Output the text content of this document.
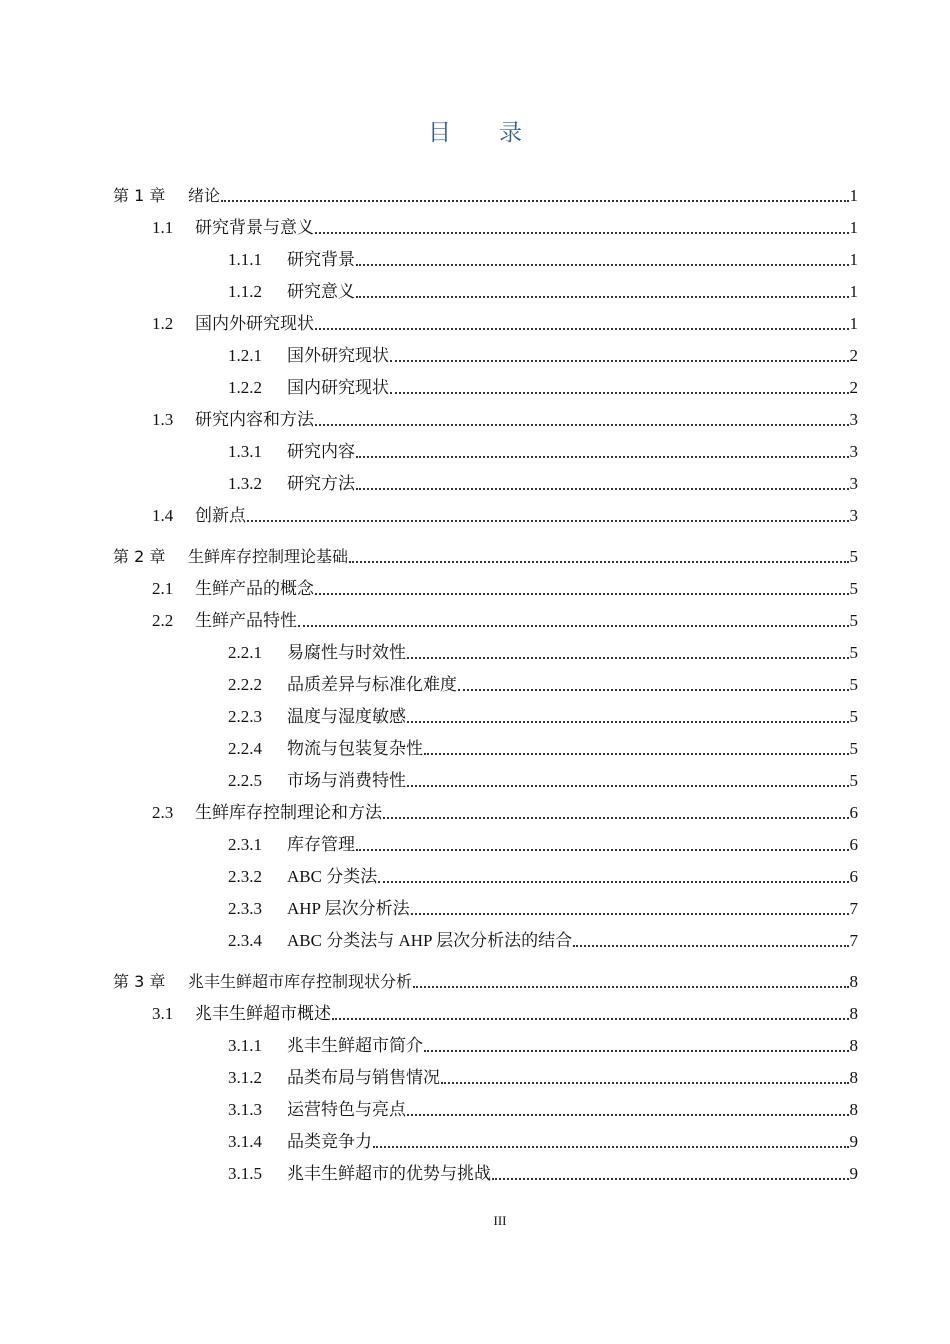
目 录
第 1 章	绪论	1
1.1	研究背景与意义	1
1.1.1	研究背景	1
1.1.2	研究意义	1
1.2	国内外研究现状	1
1.2.1	国外研究现状	2
1.2.2	国内研究现状	2
1.3	研究内容和方法	3
1.3.1	研究内容	3
1.3.2	研究方法	3
1.4	创新点	3
第 2 章	生鲜库存控制理论基础	5
2.1	生鲜产品的概念	5
2.2	生鲜产品特性	5
2.2.1	易腐性与时效性	5
2.2.2	品质差异与标准化难度	5
2.2.3	温度与湿度敏感	5
2.2.4	物流与包装复杂性	5
2.2.5	市场与消费特性	5
2.3	生鲜库存控制理论和方法	6
2.3.1	库存管理	6
2.3.2	ABC 分类法	6
2.3.3	AHP 层次分析法	7
2.3.4	ABC 分类法与 AHP 层次分析法的结合	7
第 3 章	兆丰生鲜超市库存控制现状分析	8
3.1	兆丰生鲜超市概述	8
3.1.1	兆丰生鲜超市简介	8
3.1.2	品类布局与销售情况	8
3.1.3	运营特色与亮点	8
3.1.4	品类竞争力	9
3.1.5	兆丰生鲜超市的优势与挑战	9
III
